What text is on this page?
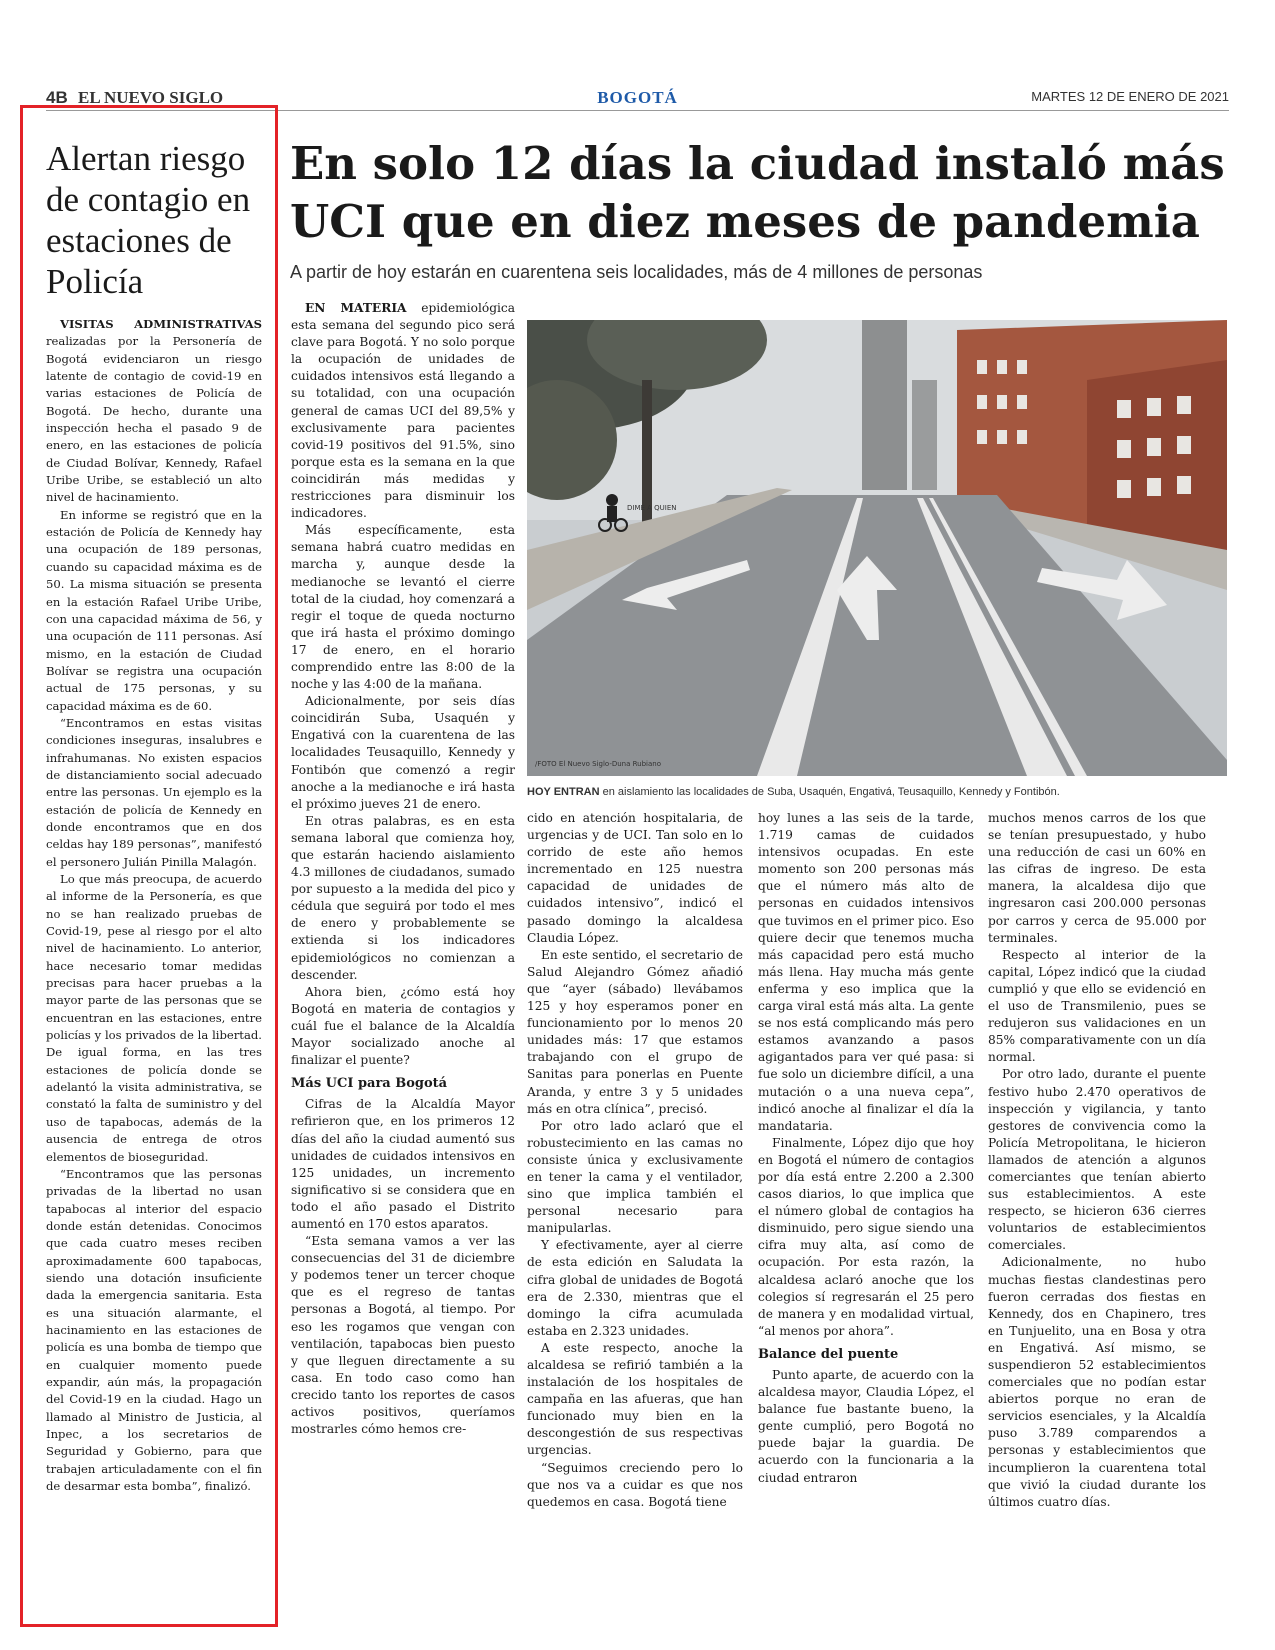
4B EL NUEVO SIGLO	BOGOTÁ	MARTES 12 DE ENERO DE 2021
Alertan riesgo de contagio en estaciones de Policía

VISITAS ADMINISTRATIVAS realizadas por la Personería de Bogotá evidenciaron un riesgo latente de contagio de covid-19 en varias estaciones de Policía de Bogotá. De hecho, durante una inspección hecha el pasado 9 de enero, en las estaciones de policía de Ciudad Bolívar, Kennedy, Rafael Uribe Uribe, se estableció un alto nivel de hacinamiento.

En informe se registró que en la estación de Policía de Kennedy hay una ocupación de 189 personas, cuando su capacidad máxima es de 50. La misma situación se presenta en la estación Rafael Uribe Uribe, con una capacidad máxima de 56, y una ocupación de 111 personas. Así mismo, en la estación de Ciudad Bolívar se registra una ocupación actual de 175 personas, y su capacidad máxima es de 60.

“Encontramos en estas visitas condiciones inseguras, insalubres e infrahumanas. No existen espacios de distanciamiento social adecuado entre las personas. Un ejemplo es la estación de policía de Kennedy en donde encontramos que en dos celdas hay 189 personas”, manifestó el personero Julián Pinilla Malagón.

Lo que más preocupa, de acuerdo al informe de la Personería, es que no se han realizado pruebas de Covid-19, pese al riesgo por el alto nivel de hacinamiento. Lo anterior, hace necesario tomar medidas precisas para hacer pruebas a la mayor parte de las personas que se encuentran en las estaciones, entre policías y los privados de la libertad. De igual forma, en las tres estaciones de policía donde se adelantó la visita administrativa, se constató la falta de suministro y del uso de tapabocas, además de la ausencia de entrega de otros elementos de bioseguridad.

“Encontramos que las personas privadas de la libertad no usan tapabocas al interior del espacio donde están detenidas. Conocimos que cada cuatro meses reciben aproximadamente 600 tapabocas, siendo una dotación insuficiente dada la emergencia sanitaria. Esta es una situación alarmante, el hacinamiento en las estaciones de policía es una bomba de tiempo que en cualquier momento puede expandir, aún más, la propagación del Covid-19 en la ciudad. Hago un llamado al Ministro de Justicia, al Inpec, a los secretarios de Seguridad y Gobierno, para que trabajen articuladamente con el fin de desarmar esta bomba”, finalizó.

En solo 12 días la ciudad instaló más UCI que en diez meses de pandemia
A partir de hoy estarán en cuarentena seis localidades, más de 4 millones de personas

EN MATERIA epidemiológica esta semana del segundo pico será clave para Bogotá. Y no solo porque la ocupación de unidades de cuidados intensivos está llegando a su totalidad, con una ocupación general de camas UCI del 89,5% y exclusivamente para pacientes covid-19 positivos del 91.5%, sino porque esta es la semana en la que coincidirán más medidas y restricciones para disminuir los indicadores.

Más específicamente, esta semana habrá cuatro medidas en marcha y, aunque desde la medianoche se levantó el cierre total de la ciudad, hoy comenzará a regir el toque de queda nocturno que irá hasta el próximo domingo 17 de enero, en el horario comprendido entre las 8:00 de la noche y las 4:00 de la mañana.

Adicionalmente, por seis días coincidirán Suba, Usaquén y Engativá con la cuarentena de las localidades Teusaquillo, Kennedy y Fontibón que comenzó a regir anoche a la medianoche e irá hasta el próximo jueves 21 de enero.

En otras palabras, es en esta semana laboral que comienza hoy, que estarán haciendo aislamiento 4.3 millones de ciudadanos, sumado por supuesto a la medida del pico y cédula que seguirá por todo el mes de enero y probablemente se extienda si los indicadores epidemiológicos no comienzan a descender.

Ahora bien, ¿cómo está hoy Bogotá en materia de contagios y cuál fue el balance de la Alcaldía Mayor socializado anoche al finalizar el puente?

Más UCI para Bogotá

Cifras de la Alcaldía Mayor refirieron que, en los primeros 12 días del año la ciudad aumentó sus unidades de cuidados intensivos en 125 unidades, un incremento significativo si se considera que en todo el año pasado el Distrito aumentó en 170 estos aparatos.

“Esta semana vamos a ver las consecuencias del 31 de diciembre y podemos tener un tercer choque que es el regreso de tantas personas a Bogotá, al tiempo. Por eso les rogamos que vengan con ventilación, tapabocas bien puesto y que lleguen directamente a su casa. En todo caso como han crecido tanto los reportes de casos activos positivos, queríamos mostrarles cómo hemos cre-

DIME A QUIEN
/FOTO El Nuevo Siglo-Duna Rubiano
HOY ENTRAN en aislamiento las localidades de Suba, Usaquén, Engativá, Teusaquillo, Kennedy y Fontibón.

cido en atención hospitalaria, de urgencias y de UCI. Tan solo en lo corrido de este año hemos incrementado en 125 nuestra capacidad de unidades de cuidados intensivo”, indicó el pasado domingo la alcaldesa Claudia López.

En este sentido, el secretario de Salud Alejandro Gómez añadió que “ayer (sábado) llevábamos 125 y hoy esperamos poner en funcionamiento por lo menos 20 unidades más: 17 que estamos trabajando con el grupo de Sanitas para ponerlas en Puente Aranda, y entre 3 y 5 unidades más en otra clínica”, precisó.

Por otro lado aclaró que el robustecimiento en las camas no consiste única y exclusivamente en tener la cama y el ventilador, sino que implica también el personal necesario para manipularlas.

Y efectivamente, ayer al cierre de esta edición en Saludata la cifra global de unidades de Bogotá era de 2.330, mientras que el domingo la cifra acumulada estaba en 2.323 unidades.

A este respecto, anoche la alcaldesa se refirió también a la instalación de los hospitales de campaña en las afueras, que han funcionado muy bien en la descongestión de sus respectivas urgencias.

“Seguimos creciendo pero lo que nos va a cuidar es que nos quedemos en casa. Bogotá tiene

hoy lunes a las seis de la tarde, 1.719 camas de cuidados intensivos ocupadas. En este momento son 200 personas más que el número más alto de personas en cuidados intensivos que tuvimos en el primer pico. Eso quiere decir que tenemos mucha más capacidad pero está mucho más llena. Hay mucha más gente enferma y eso implica que la carga viral está más alta. La gente se nos está complicando más pero estamos avanzando a pasos agigantados para ver qué pasa: si fue solo un diciembre difícil, a una mutación o a una nueva cepa”, indicó anoche al finalizar el día la mandataria.

Finalmente, López dijo que hoy en Bogotá el número de contagios por día está entre 2.200 a 2.300 casos diarios, lo que implica que el número global de contagios ha disminuido, pero sigue siendo una cifra muy alta, así como de ocupación. Por esta razón, la alcaldesa aclaró anoche que los colegios sí regresarán el 25 pero de manera y en modalidad virtual, “al menos por ahora”.

Balance del puente

Punto aparte, de acuerdo con la alcaldesa mayor, Claudia López, el balance fue bastante bueno, la gente cumplió, pero Bogotá no puede bajar la guardia. De acuerdo con la funcionaria a la ciudad entraron

muchos menos carros de los que se tenían presupuestado, y hubo una reducción de casi un 60% en las cifras de ingreso. De esta manera, la alcaldesa dijo que ingresaron casi 200.000 personas por carros y cerca de 95.000 por terminales.

Respecto al interior de la capital, López indicó que la ciudad cumplió y que ello se evidenció en el uso de Transmilenio, pues se redujeron sus validaciones en un 85% comparativamente con un día normal.

Por otro lado, durante el puente festivo hubo 2.470 operativos de inspección y vigilancia, y tanto gestores de convivencia como la Policía Metropolitana, le hicieron llamados de atención a algunos comerciantes que tenían abierto sus establecimientos. A este respecto, se hicieron 636 cierres voluntarios de establecimientos comerciales.

Adicionalmente, no hubo muchas fiestas clandestinas pero fueron cerradas dos fiestas en Kennedy, dos en Chapinero, tres en Tunjuelito, una en Bosa y otra en Engativá. Así mismo, se suspendieron 52 establecimientos comerciales que no podían estar abiertos porque no eran de servicios esenciales, y la Alcaldía puso 3.789 comparendos a personas y establecimientos que incumplieron la cuarentena total que vivió la ciudad durante los últimos cuatro días.
